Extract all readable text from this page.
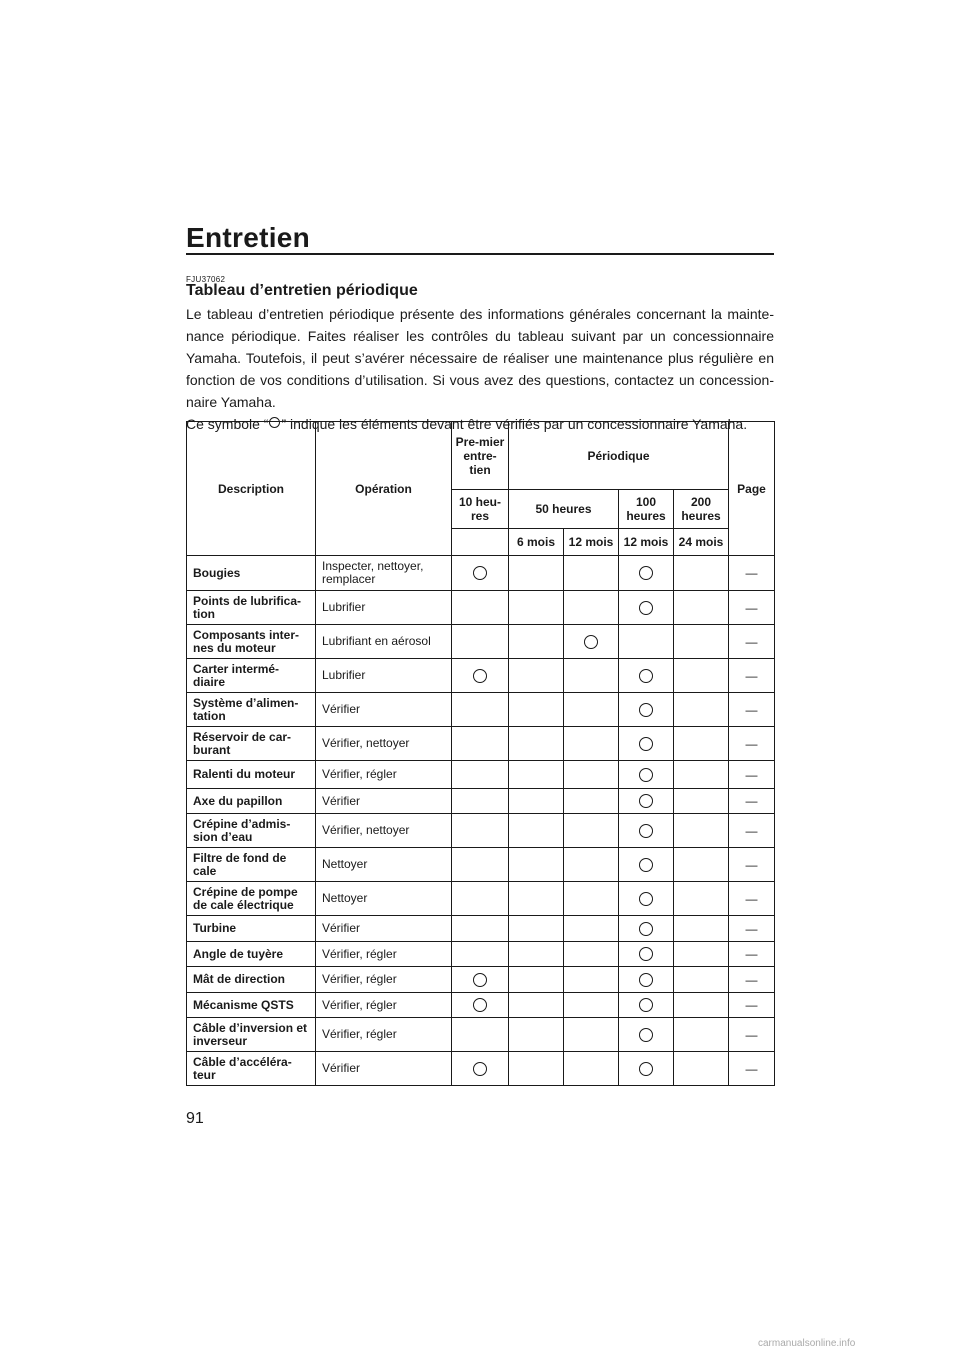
Entretien
FJU37062
Tableau d’entretien périodique

Le tableau d’entretien périodique présente des informations générales concernant la mainte-nance périodique. Faites réaliser les contrôles du tableau suivant par un concessionnaire Yamaha. Toutefois, il peut s’avérer nécessaire de réaliser une maintenance plus régulière en fonction de vos conditions d’utilisation. Si vous avez des questions, contactez un concession-naire Yamaha.

Ce symbole “ ” indique les éléments devant être vérifiés par un concessionnaire Yamaha.

Description	Opération	Pre-mier entre-tien	Périodique				Page
		10 heu-res	50 heures		100 heures	200 heures	
			6 mois	12 mois	12 mois	24 mois	
Bougies	Inspecter, nettoyer, remplacer						—
Points de lubrifica-tion	Lubrifier						—
Composants inter-nes du moteur	Lubrifiant en aérosol						—
Carter intermé-diaire	Lubrifier						—
Système d’alimen-tation	Vérifier						—
Réservoir de car-burant	Vérifier, nettoyer						—
Ralenti du moteur	Vérifier, régler						—
Axe du papillon	Vérifier						—
Crépine d’admis-sion d’eau	Vérifier, nettoyer						—
Filtre de fond de cale	Nettoyer						—
Crépine de pompe de cale électrique	Nettoyer						—
Turbine	Vérifier						—
Angle de tuyère	Vérifier, régler						—
Mât de direction	Vérifier, régler						—
Mécanisme QSTS	Vérifier, régler						—
Câble d’inversion et inverseur	Vérifier, régler						—
Câble d’accéléra-teur	Vérifier						—
91
carmanualsonline.info
